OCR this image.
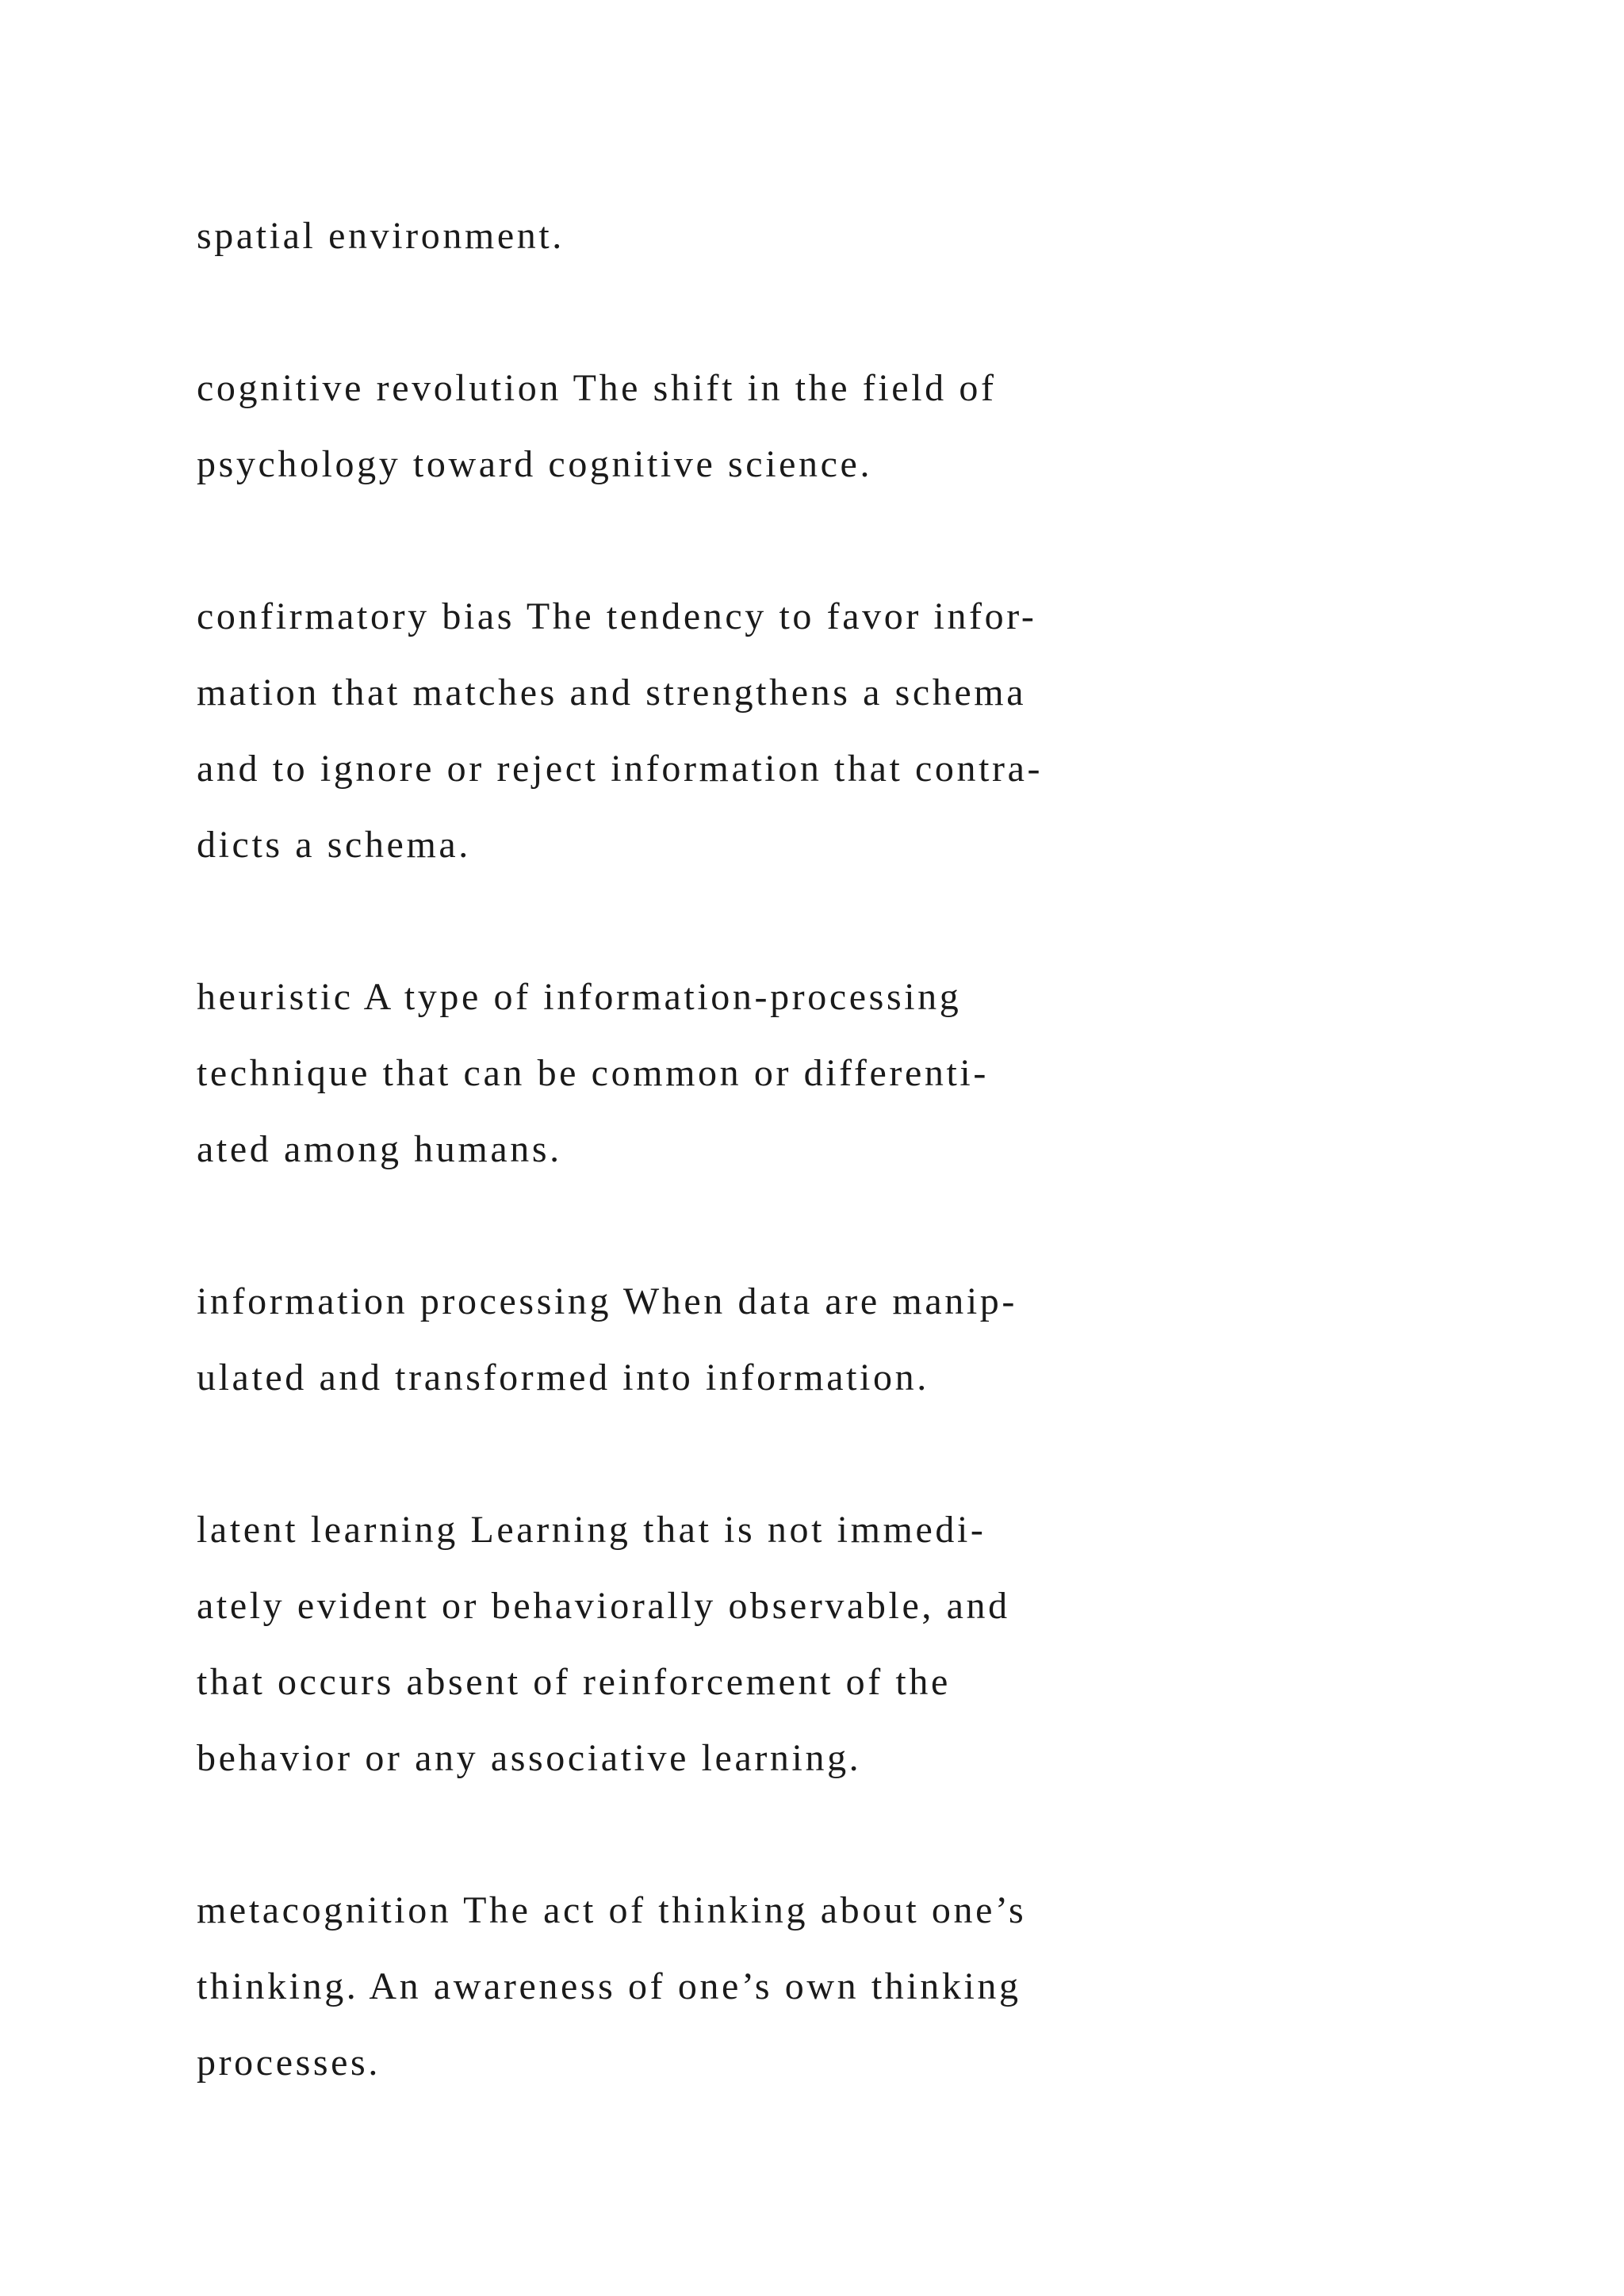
spatial environment.
cognitive revolution The shift in the field of
psychology toward cognitive science.
confirmatory bias The tendency to favor infor-
mation that matches and strengthens a schema
and to ignore or reject information that contra-
dicts a schema.
heuristic A type of information-processing
technique that can be common or differenti-
ated among humans.
information processing When data are manip-
ulated and transformed into information.
latent learning Learning that is not immedi-
ately evident or behaviorally observable, and
that occurs absent of reinforcement of the
behavior or any associative learning.
metacognition The act of thinking about one’s
thinking. An awareness of one’s own thinking
processes.
